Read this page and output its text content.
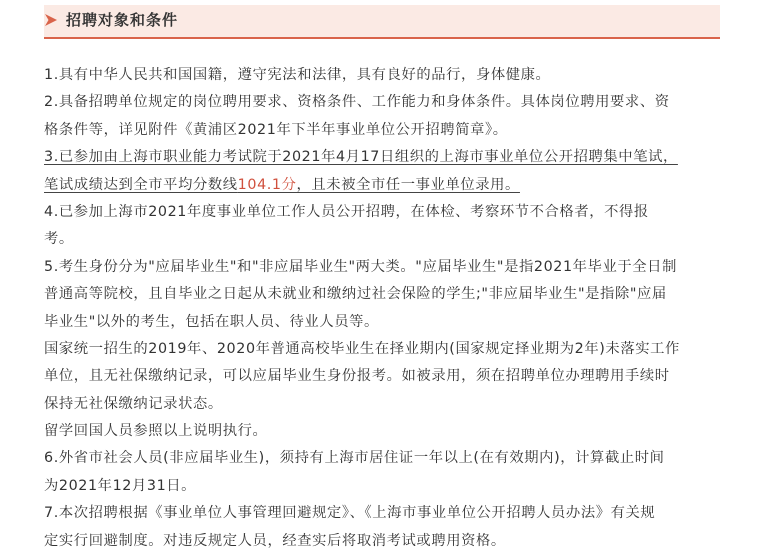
招聘对象和条件
1.具有中华人民共和国国籍，遵守宪法和法律，具有良好的品行，身体健康。
2.具备招聘单位规定的岗位聘用要求、资格条件、工作能力和身体条件。具体岗位聘用要求、资
格条件等，详见附件《黄浦区2021年下半年事业单位公开招聘简章》。
3.已参加由上海市职业能力考试院于2021年4月17日组织的上海市事业单位公开招聘集中笔试，
笔试成绩达到全市平均分数线104.1分，且未被全市任一事业单位录用。
4.已参加上海市2021年度事业单位工作人员公开招聘，在体检、考察环节不合格者，不得报
考。
5.考生身份分为"应届毕业生"和"非应届毕业生"两大类。"应届毕业生"是指2021年毕业于全日制
普通高等院校，且自毕业之日起从未就业和缴纳过社会保险的学生;"非应届毕业生"是指除"应届
毕业生"以外的考生，包括在职人员、待业人员等。
国家统一招生的2019年、2020年普通高校毕业生在择业期内(国家规定择业期为2年)未落实工作
单位，且无社保缴纳记录，可以应届毕业生身份报考。如被录用，须在招聘单位办理聘用手续时
保持无社保缴纳记录状态。
留学回国人员参照以上说明执行。
6.外省市社会人员(非应届毕业生)，须持有上海市居住证一年以上(在有效期内)，计算截止时间
为2021年12月31日。
7.本次招聘根据《事业单位人事管理回避规定》、《上海市事业单位公开招聘人员办法》有关规
定实行回避制度。对违反规定人员，经查实后将取消考试或聘用资格。
